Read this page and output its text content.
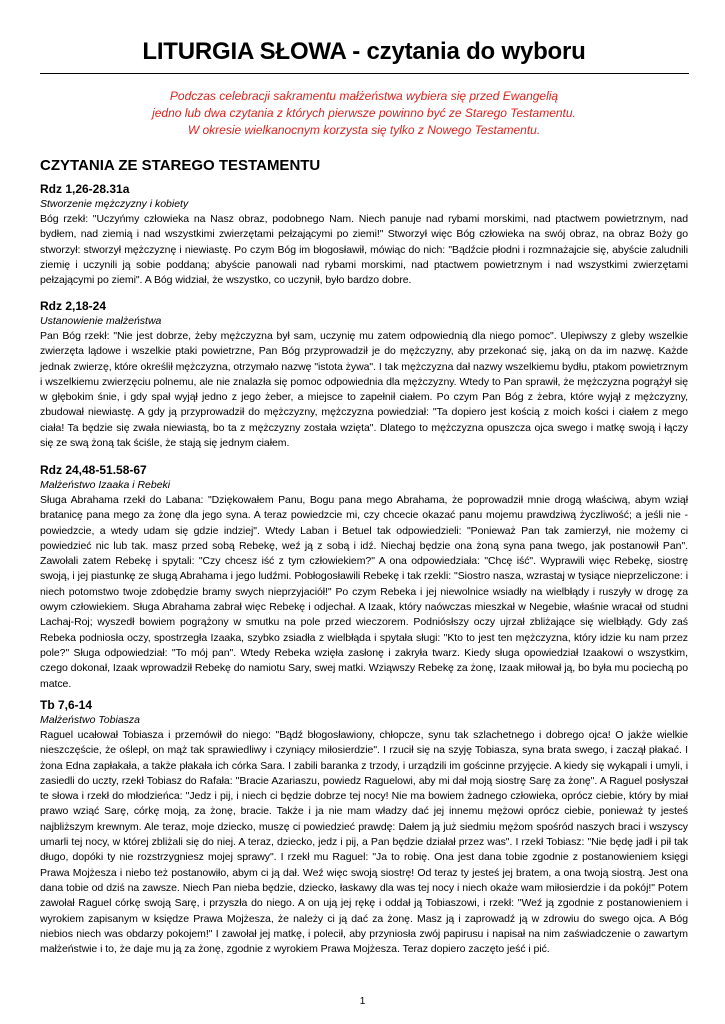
LITURGIA SŁOWA - czytania do wyboru
Podczas celebracji sakramentu małżeństwa wybiera się przed Ewangelią
jedno lub dwa czytania z których pierwsze powinno być ze Starego Testamentu.
W okresie wielkanocnym korzysta się tylko z Nowego Testamentu.
CZYTANIA ZE STAREGO TESTAMENTU

Rdz 1,26-28.31a

Stworzenie mężczyzny i kobiety

Bóg rzekł: "Uczyńmy człowieka na Nasz obraz, podobnego Nam. Niech panuje nad rybami morskimi, nad ptactwem powietrznym, nad bydłem, nad ziemią i nad wszystkimi zwierzętami pełzającymi po ziemi!" Stworzył więc Bóg człowieka na swój obraz, na obraz Boży go stworzył: stworzył mężczyznę i niewiastę. Po czym Bóg im błogosławił, mówiąc do nich: "Bądźcie płodni i rozmnażajcie się, abyście zaludnili ziemię i uczynili ją sobie poddaną; abyście panowali nad rybami morskimi, nad ptactwem powietrznym i nad wszystkimi zwierzętami pełzającymi po ziemi". A Bóg widział, że wszystko, co uczynił, było bardzo dobre.

Rdz 2,18-24

Ustanowienie małżeństwa

Pan Bóg rzekł: "Nie jest dobrze, żeby mężczyzna był sam, uczynię mu zatem odpowiednią dla niego pomoc". Ulepiwszy z gleby wszelkie zwierzęta lądowe i wszelkie ptaki powietrzne, Pan Bóg przyprowadził je do mężczyzny, aby przekonać się, jaką on da im nazwę. Każde jednak zwierzę, które określił mężczyzna, otrzymało nazwę "istota żywa". I tak mężczyzna dał nazwy wszelkiemu bydłu, ptakom powietrznym i wszelkiemu zwierzęciu polnemu, ale nie znalazła się pomoc odpowiednia dla mężczyzny. Wtedy to Pan sprawił, że mężczyzna pogrążył się w głębokim śnie, i gdy spał wyjął jedno z jego żeber, a miejsce to zapełnił ciałem. Po czym Pan Bóg z żebra, które wyjął z mężczyzny, zbudował niewiastę. A gdy ją przyprowadził do mężczyzny, mężczyzna powiedział: "Ta dopiero jest kością z moich kości i ciałem z mego ciała! Ta będzie się zwała niewiastą, bo ta z mężczyzny została wzięta". Dlatego to mężczyzna opuszcza ojca swego i matkę swoją i łączy się ze swą żoną tak ściśle, że stają się jednym ciałem.

Rdz 24,48-51.58-67

Małżeństwo Izaaka i Rebeki

Sługa Abrahama rzekł do Labana: "Dziękowałem Panu, Bogu pana mego Abrahama, że poprowadził mnie drogą właściwą, abym wziął bratanicę pana mego za żonę dla jego syna. A teraz powiedzcie mi, czy chcecie okazać panu mojemu prawdziwą życzliwość; a jeśli nie - powiedzcie, a wtedy udam się gdzie indziej". Wtedy Laban i Betuel tak odpowiedzieli: "Ponieważ Pan tak zamierzył, nie możemy ci powiedzieć nic lub tak. masz przed sobą Rebekę, weź ją z sobą i idź. Niechaj będzie ona żoną syna pana twego, jak postanowił Pan". Zawołali zatem Rebekę i spytali: "Czy chcesz iść z tym człowiekiem?" A ona odpowiedziała: "Chcę iść". Wyprawili więc Rebekę, siostrę swoją, i jej piastunkę ze sługą Abrahama i jego ludźmi. Pobłogosławili Rebekę i tak rzekli: "Siostro nasza, wzrastaj w tysiące nieprzeliczone: i niech potomstwo twoje zdobędzie bramy swych nieprzyjaciół!" Po czym Rebeka i jej niewolnice wsiadły na wielbłądy i ruszyły w drogę za owym człowiekiem. Sługa Abrahama zabrał więc Rebekę i odjechał. A Izaak, który naówczas mieszkał w Negebie, właśnie wracał od studni Lachaj-Roj; wyszedł bowiem pogrążony w smutku na pole przed wieczorem. Podniósłszy oczy ujrzał zbliżające się wielbłądy. Gdy zaś Rebeka podniosła oczy, spostrzegła Izaaka, szybko zsiadła z wielbłąda i spytała sługi: "Kto to jest ten mężczyzna, który idzie ku nam przez pole?" Sługa odpowiedział: "To mój pan". Wtedy Rebeka wzięła zasłonę i zakryła twarz. Kiedy sługa opowiedział Izaakowi o wszystkim, czego dokonał, Izaak wprowadził Rebekę do namiotu Sary, swej matki. Wziąwszy Rebekę za żonę, Izaak miłował ją, bo była mu pociechą po matce.

Tb 7,6-14

Małżeństwo Tobiasza

Raguel ucałował Tobiasza i przemówił do niego: "Bądź błogosławiony, chłopcze, synu tak szlachetnego i dobrego ojca! O jakże wielkie nieszczęście, że oślepł, on mąż tak sprawiedliwy i czyniący miłosierdzie". I rzucił się na szyję Tobiasza, syna brata swego, i zaczął płakać. I żona Edna zapłakała, a także płakała ich córka Sara. I zabili baranka z trzody, i urządzili im gościnne przyjęcie. A kiedy się wykąpali i umyli, i zasiedli do uczty, rzekł Tobiasz do Rafała: "Bracie Azariaszu, powiedz Raguelowi, aby mi dał moją siostrę Sarę za żonę". A Raguel posłyszał te słowa i rzekł do młodzieńca: "Jedz i pij, i niech ci będzie dobrze tej nocy! Nie ma bowiem żadnego człowieka, oprócz ciebie, który by miał prawo wziąć Sarę, córkę moją, za żonę, bracie. Także i ja nie mam władzy dać jej innemu mężowi oprócz ciebie, ponieważ ty jesteś najbliższym krewnym. Ale teraz, moje dziecko, muszę ci powiedzieć prawdę: Dałem ją już siedmiu mężom spośród naszych braci i wszyscy umarli tej nocy, w której zbliżali się do niej. A teraz, dziecko, jedz i pij, a Pan będzie działał przez was". I rzekł Tobiasz: "Nie będę jadł i pił tak długo, dopóki ty nie rozstrzygniesz mojej sprawy". I rzekł mu Raguel: "Ja to robię. Ona jest dana tobie zgodnie z postanowieniem księgi Prawa Mojżesza i niebo też postanowiło, abym ci ją dał. Weź więc swoją siostrę! Od teraz ty jesteś jej bratem, a ona twoją siostrą. Jest ona dana tobie od dziś na zawsze. Niech Pan nieba będzie, dziecko, łaskawy dla was tej nocy i niech okaże wam miłosierdzie i da pokój!" Potem zawołał Raguel córkę swoją Sarę, i przyszła do niego. A on ują jej rękę i oddał ją Tobiaszowi, i rzekł: "Weź ją zgodnie z postanowieniem i wyrokiem zapisanym w księdze Prawa Mojżesza, że należy ci ją dać za żonę. Masz ją i zaprowadź ją w zdrowiu do swego ojca. A Bóg niebios niech was obdarzy pokojem!" I zawołał jej matkę, i polecił, aby przyniosła zwój papirusu i napisał na nim zaświadczenie o zawartym małżeństwie i to, że daje mu ją za żonę, zgodnie z wyrokiem Prawa Mojżesza. Teraz dopiero zaczęto jeść i pić.

1
